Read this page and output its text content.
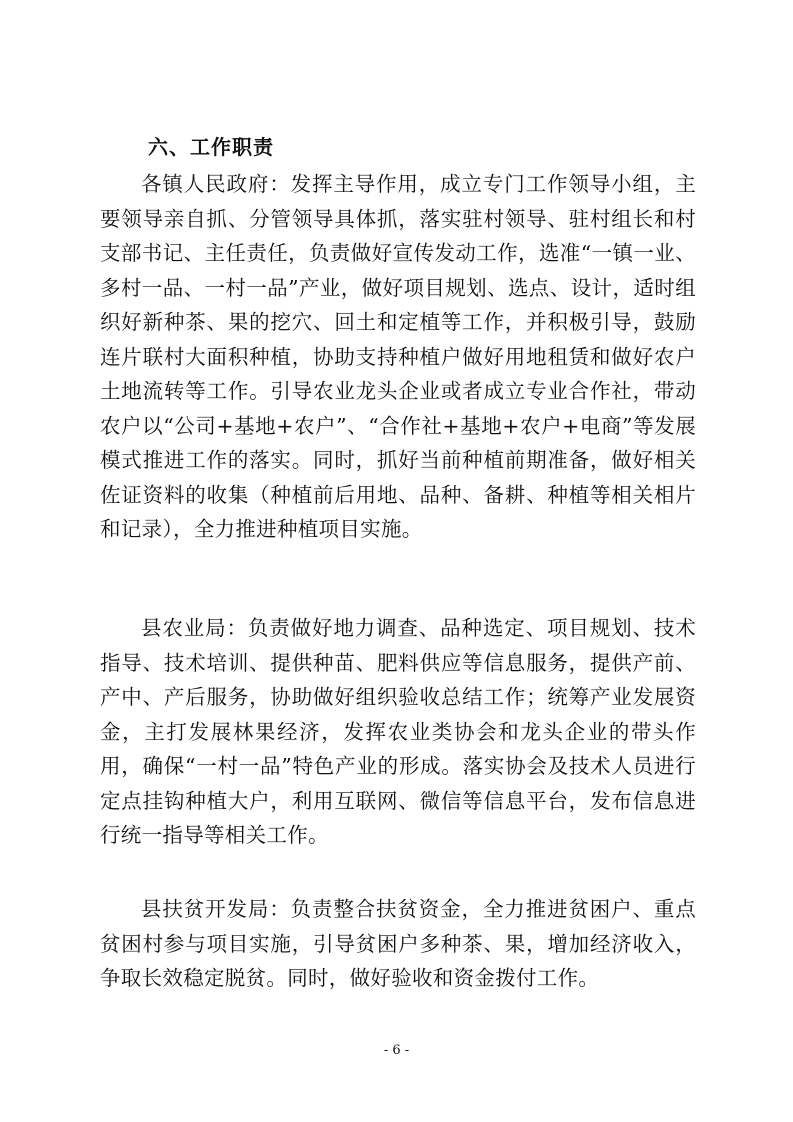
六、工作职责

各镇人民政府：发挥主导作用，成立专门工作领导小组，主要领导亲自抓、分管领导具体抓，落实驻村领导、驻村组长和村支部书记、主任责任，负责做好宣传发动工作，选准“一镇一业、多村一品、一村一品”产业，做好项目规划、选点、设计，适时组织好新种茶、果的挖穴、回土和定植等工作，并积极引导，鼓励连片联村大面积种植，协助支持种植户做好用地租赁和做好农户土地流转等工作。引导农业龙头企业或者成立专业合作社，带动农户以“公司+基地+农户”、“合作社+基地+农户+电商”等发展模式推进工作的落实。同时，抓好当前种植前期准备，做好相关佐证资料的收集（种植前后用地、品种、备耕、种植等相关相片和记录），全力推进种植项目实施。

县农业局：负责做好地力调查、品种选定、项目规划、技术指导、技术培训、提供种苗、肥料供应等信息服务，提供产前、产中、产后服务，协助做好组织验收总结工作；统筹产业发展资金，主打发展林果经济，发挥农业类协会和龙头企业的带头作用，确保“一村一品”特色产业的形成。落实协会及技术人员进行定点挂钩种植大户，利用互联网、微信等信息平台，发布信息进行统一指导等相关工作。

县扶贫开发局：负责整合扶贫资金，全力推进贫困户、重点贫困村参与项目实施，引导贫困户多种茶、果，增加经济收入，争取长效稳定脱贫。同时，做好验收和资金拨付工作。

- 6 -
